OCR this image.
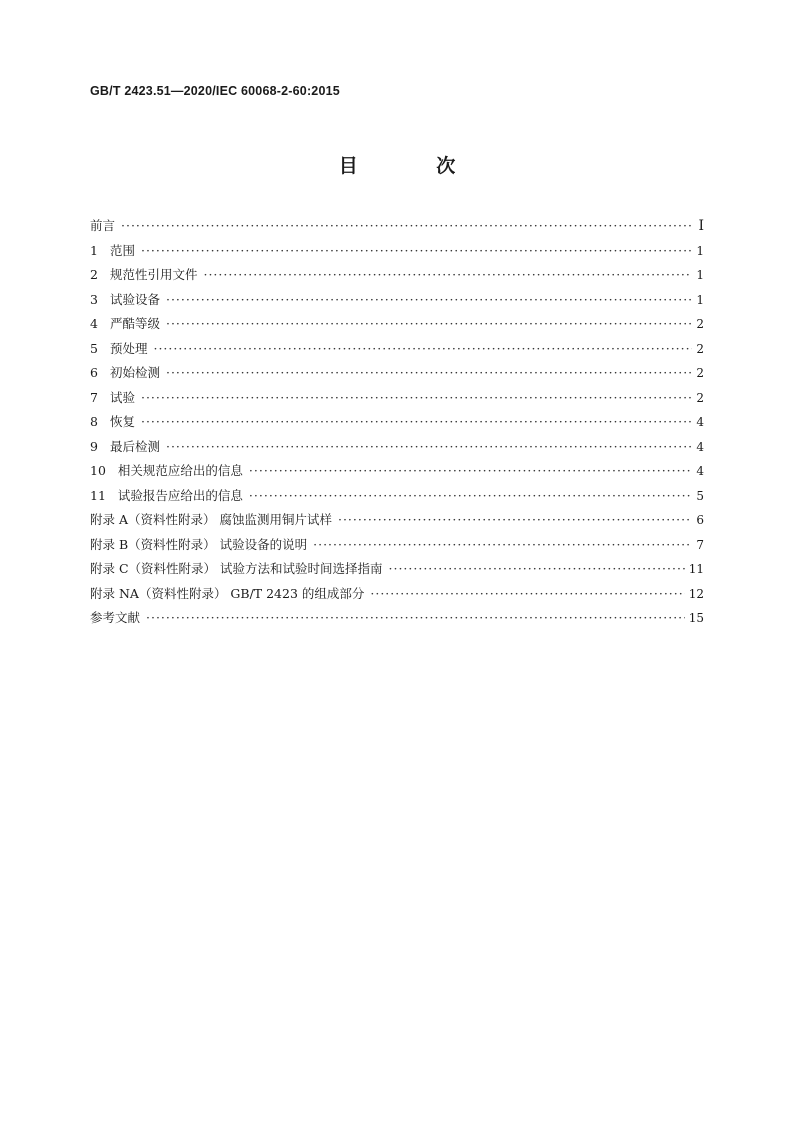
GB/T 2423.51—2020/IEC 60068-2-60:2015
目 次
前言 ·····	Ⅰ
1 范围 ·····	1
2 规范性引用文件 ·····	1
3 试验设备 ·····	1
4 严酷等级 ·····	2
5 预处理 ·····	2
6 初始检测 ·····	2
7 试验 ·····	2
8 恢复 ·····	4
9 最后检测 ·····	4
10 相关规范应给出的信息 ·····	4
11 试验报告应给出的信息 ·····	5
附录 A（资料性附录） 腐蚀监测用铜片试样 ·····	6
附录 B（资料性附录） 试验设备的说明 ·····	7
附录 C（资料性附录） 试验方法和试验时间选择指南 ·····	11
附录 NA（资料性附录） GB/T 2423 的组成部分 ·····	12
参考文献 ·····	15
